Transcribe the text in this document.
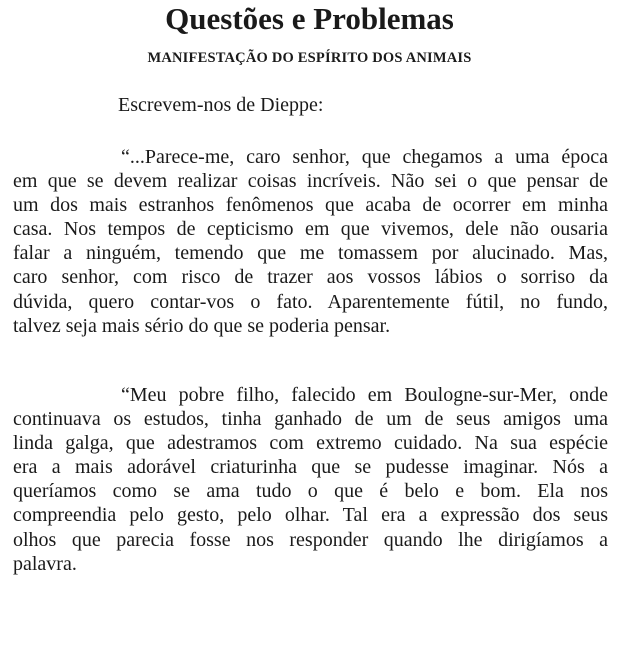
Questões e Problemas
MANIFESTAÇÃO DO ESPÍRITO DOS ANIMAIS

Escrevem-nos de Dieppe:

“...Parece-me, caro senhor, que chegamos a uma época
em que se devem realizar coisas incríveis. Não sei o que pensar de
um dos mais estranhos fenômenos que acaba de ocorrer em minha
casa. Nos tempos de cepticismo em que vivemos, dele não ousaria
falar a ninguém, temendo que me tomassem por alucinado. Mas,
caro senhor, com risco de trazer aos vossos lábios o sorriso da
dúvida, quero contar-vos o fato. Aparentemente fútil, no fundo,
talvez seja mais sério do que se poderia pensar.

“Meu pobre filho, falecido em Boulogne-sur-Mer, onde
continuava os estudos, tinha ganhado de um de seus amigos uma
linda galga, que adestramos com extremo cuidado. Na sua espécie
era a mais adorável criaturinha que se pudesse imaginar. Nós a
queríamos como se ama tudo o que é belo e bom. Ela nos
compreendia pelo gesto, pelo olhar. Tal era a expressão dos seus
olhos que parecia fosse nos responder quando lhe dirigíamos a
palavra.
